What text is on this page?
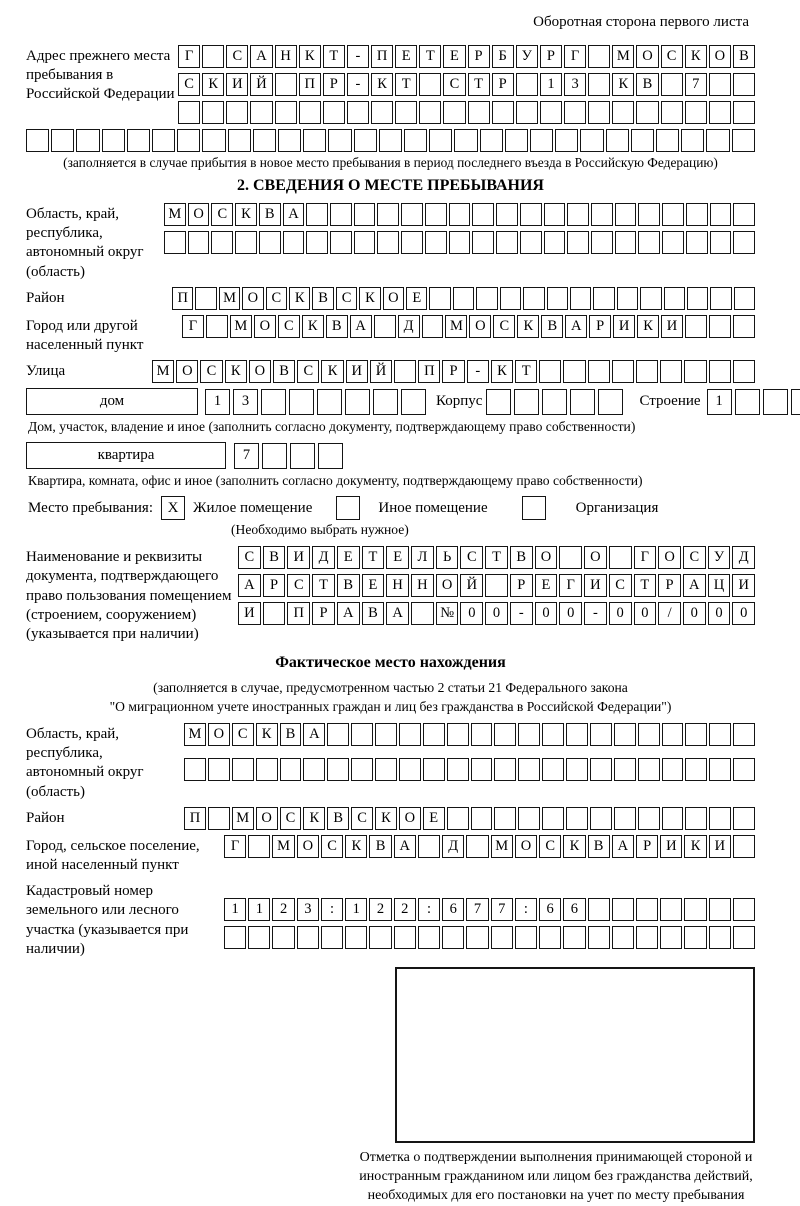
Оборотная сторона первого листа
Адрес прежнего места пребывания в Российской Федерации
Г	С А Н К	Т	-	П Е	Т	Е	Р	Б	У	Р	Г	М О С К О В
С К И Й	П	Р	-	К	Т	С	Т	Р	1	3	К В	7
(заполняется в случае прибытия в новое место пребывания в период последнего въезда в Российскую Федерацию)
2. СВЕДЕНИЯ О МЕСТЕ ПРЕБЫВАНИЯ
Область, край, республика, автономный округ (область)
М О С К В А
Район	П	М О С К В С К О Е
Город или другой населенный пункт
Г	М О С К В А	Д	М О С К В А	Р	И К И
Улица	М О С	К О В	С	К И Й	П	Р	-	К	Т
дом	1	3	Корпус	Строение	1
Дом, участок, владение и иное (заполнить согласно документу, подтверждающему право собственности)
квартира	7
Квартира, комната, офис и иное (заполнить согласно документу, подтверждающему право собственности)
Место пребывания: X Жилое помещение	Иное помещение	Организация
(Необходимо выбрать нужное)
Наименование и реквизиты документа, подтверждающего право пользования помещением (строением, сооружением) (указывается при наличии)
С	В	И	Д	Е	Т	Е	Л	Ь	С	Т	В	О	О	Г	О	С	У	Д
А	Р	С	Т	В	Е	Н Н О Й	Р	Е	Г	И	С	Т	Р	А Ц И
И	П	Р	А	В	А	№ 0	0	-	0	0	-	0	0	/	0	0	0
Фактическое место нахождения
(заполняется в случае, предусмотренном частью 2 статьи 21 Федерального закона
"О миграционном учете иностранных граждан и лиц без гражданства в Российской Федерации")
Область, край, республика, автономный округ (область)
М О С К В А
Район	П	М О С К В С К О Е
Город, сельское поселение, иной населенный пункт
Г	М О С	К	В А	Д	М О С	К	В А	Р	И К И
Кадастровый номер земельного или лесного участка (указывается при наличии)
1	1	2	3	:	1	2	2	:	6	7	7	:	6	6
Отметка о подтверждении выполнения принимающей стороной и иностранным гражданином или лицом без гражданства действий, необходимых для его постановки на учет по месту пребывания
